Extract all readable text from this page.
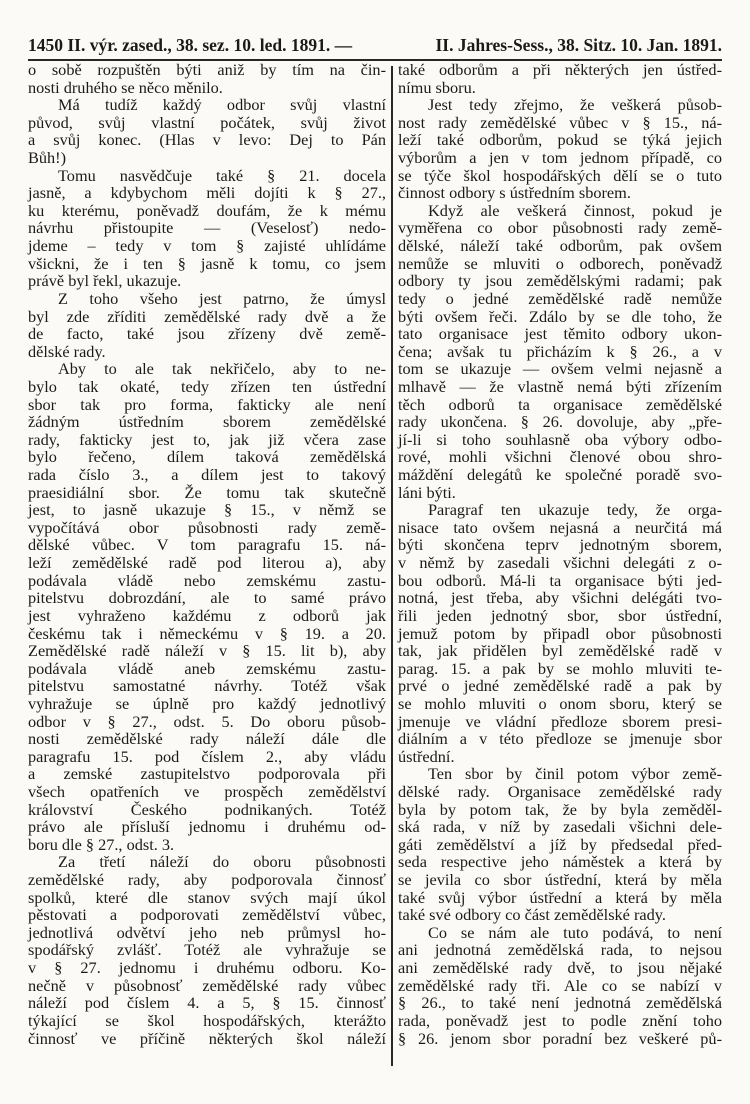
1450 II. výr. zased., 38. sez. 10. led. 1891. —	II. Jahres-Sess., 38. Sitz. 10. Jan. 1891.
o sobě rozpuštěn býti aniž by tím na čin-
nosti druhého se něco měnilo.
Má tudíž každý odbor svůj vlastní
původ, svůj vlastní počátek, svůj život
a svůj konec. (Hlas v levo: Dej to Pán
Bůh!)
Tomu nasvědčuje také § 21. docela
jasně, a kdybychom měli dojíti k § 27.,
ku kterému, poněvadž doufám, že k mému
návrhu přistoupite — (Veselosť) nedo-
jdeme – tedy v tom § zajisté uhlídáme
všickni, že i ten § jasně k tomu, co jsem
právě byl řekl, ukazuje.
Z toho všeho jest patrno, že úmysl
byl zde zříditi zemědělské rady dvě a že
de facto, také jsou zřízeny dvě země-
dělské rady.
Aby to ale tak nekřičelo, aby to ne-
bylo tak okaté, tedy zřízen ten ústřední
sbor tak pro forma, fakticky ale není
žádným ústředním sborem zemědělské
rady, fakticky jest to, jak již včera zase
bylo řečeno, dílem taková zemědělská
rada číslo 3., a dílem jest to takový
praesidiální sbor. Že tomu tak skutečně
jest, to jasně ukazuje § 15., v němž se
vypočítává obor působnosti rady země-
dělské vůbec. V tom paragrafu 15. ná-
leží zemědělské radě pod literou a), aby
podávala vládě nebo zemskému zastu-
pitelstvu dobrozdání, ale to samé právo
jest vyhraženo každému z odborů jak
českému tak i německému v § 19. a 20.
Zemědělské radě náleží v § 15. lit b), aby
podávala vládě aneb zemskému zastu-
pitelstvu samostatné návrhy. Totéž však
vyhražuje se úplně pro každý jednotlivý
odbor v § 27., odst. 5. Do oboru působ-
nosti zemědělské rady náleží dále dle
paragrafu 15. pod číslem 2., aby vládu
a zemské zastupitelstvo podporovala při
všech opatřeních ve prospěch zemědělství
království Českého podnikaných. Totéž
právo ale přísluší jednomu i druhému od-
boru dle § 27., odst. 3.
Za třetí náleží do oboru působnosti
zemědělské rady, aby podporovala činnosť
spolků, které dle stanov svých mají úkol
pěstovati a podporovati zemědělství vůbec,
jednotlivá odvětví jeho neb průmysl ho-
spodářský zvlášť. Totéž ale vyhražuje se
v § 27. jednomu i druhému odboru. Ko-
nečně v působnosť zemědělské rady vůbec
náleží pod číslem 4. a 5, § 15. činnosť
týkající se škol hospodářských, kterážto
činnosť ve příčině některých škol náleží
také odborům a při některých jen ústřed-
nímu sboru.
Jest tedy zřejmo, že veškerá působ-
nost rady zemědělské vůbec v § 15., ná-
leží také odborům, pokud se týká jejich
výborům a jen v tom jednom případě, co
se týče škol hospodářských dělí se o tuto
činnost odbory s ústředním sborem.
Když ale veškerá činnost, pokud je
vyměřena co obor působnosti rady země-
dělské, náleží také odborům, pak ovšem
nemůže se mluviti o odborech, poněvadž
odbory ty jsou zemědělskými radami; pak
tedy o jedné zemědělské radě nemůže
býti ovšem řeči. Zdálo by se dle toho, že
tato organisace jest těmito odbory ukon-
čena; avšak tu přicházím k § 26., a v
tom se ukazuje — ovšem velmi nejasně a
mlhavě — že vlastně nemá býti zřízením
těch odborů ta organisace zemědělské
rady ukončena. § 26. dovoluje, aby „pře-
jí-li si toho souhlasně oba výbory odbo-
rové, mohli všichni členové obou shro-
máždění delegátů ke společné poradě svo-
láni býti.
Paragraf ten ukazuje tedy, že orga-
nisace tato ovšem nejasná a neurčitá má
býti skončena teprv jednotným sborem,
v němž by zasedali všichni delegáti z o-
bou odborů. Má-li ta organisace býti jed-
notná, jest třeba, aby všichni delégáti tvo-
řili jeden jednotný sbor, sbor ústřední,
jemuž potom by připadl obor působnosti
tak, jak přidělen byl zemědělské radě v
parag. 15. a pak by se mohlo mluviti te-
prvé o jedné zemědělské radě a pak by
se mohlo mluviti o onom sboru, který se
jmenuje ve vládní předloze sborem presi-
diálním a v této předloze se jmenuje sbor
ústřední.
Ten sbor by činil potom výbor země-
dělské rady. Organisace zemědělské rady
byla by potom tak, že by byla zeměděl-
ská rada, v níž by zasedali všichni dele-
gáti zemědělství a jíž by předsedal před-
seda respective jeho náměstek a která by
se jevila co sbor ústřední, která by měla
také svůj výbor ústřední a která by měla
také své odbory co část zemědělské rady.
Co se nám ale tuto podává, to není
ani jednotná zemědělská rada, to nejsou
ani zemědělské rady dvě, to jsou nějaké
zemědělské rady tři. Ale co se nabízí v
§ 26., to také není jednotná zemědělská
rada, poněvadž jest to podle znění toho
§ 26. jenom sbor poradní bez veškeré pů-
